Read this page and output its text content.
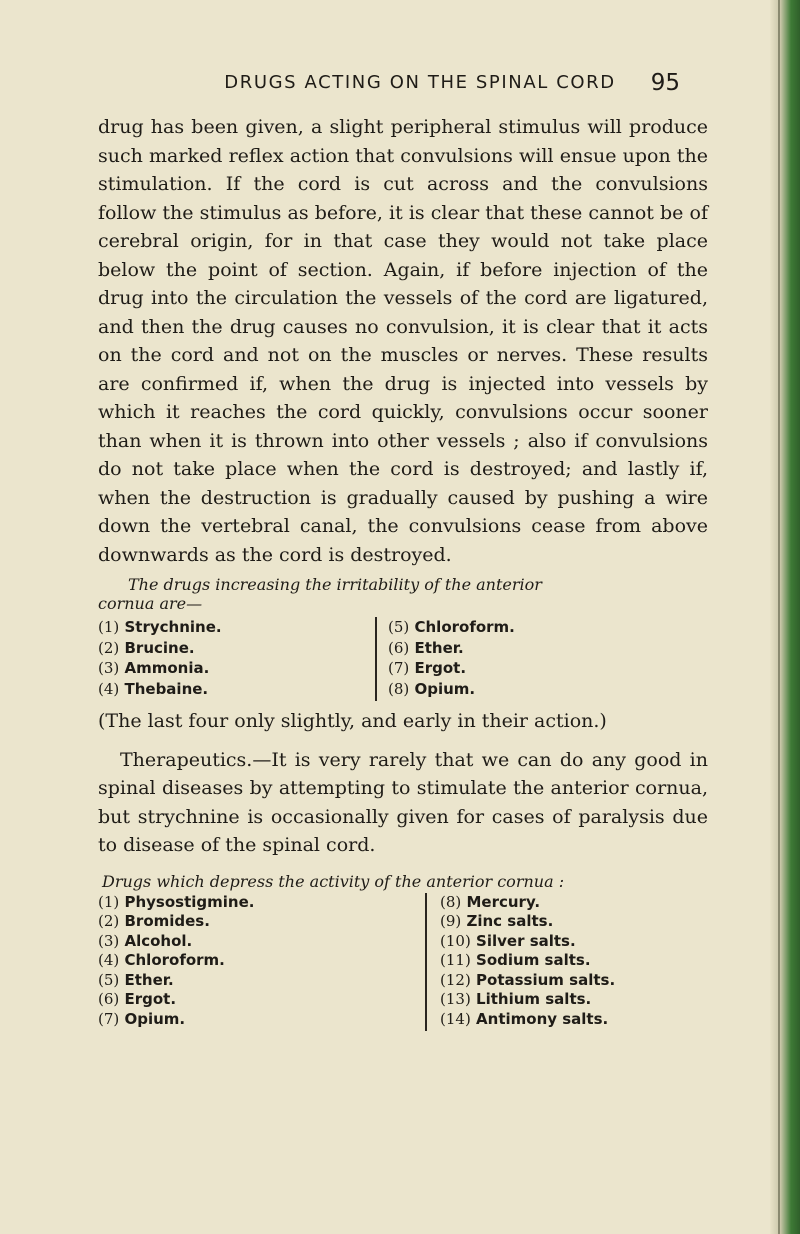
DRUGS ACTING ON THE SPINAL CORD	95

drug has been given, a slight peripheral stimulus will produce such marked reflex action that convulsions will ensue upon the stimulation. If the cord is cut across and the convulsions follow the stimulus as before, it is clear that these cannot be of cerebral origin, for in that case they would not take place below the point of section. Again, if before injection of the drug into the circulation the vessels of the cord are ligatured, and then the drug causes no convulsion, it is clear that it acts on the cord and not on the muscles or nerves. These results are confirmed if, when the drug is injected into vessels by which it reaches the cord quickly, convulsions occur sooner than when it is thrown into other vessels ; also if convulsions do not take place when the cord is destroyed; and lastly if, when the destruction is gradually caused by pushing a wire down the vertebral canal, the convulsions cease from above downwards as the cord is destroyed.

The drugs increasing the irritability of the anterior
cornua are—
(1) Strychnine.
(2) Brucine.
(3) Ammonia.
(4) Thebaine.
(5) Chloroform.
(6) Ether.
(7) Ergot.
(8) Opium.

(The last four only slightly, and early in their action.)

Therapeutics.—It is very rarely that we can do any good in spinal diseases by attempting to stimulate the anterior cornua, but strychnine is occasionally given for cases of paralysis due to disease of the spinal cord.

Drugs which depress the activity of the anterior cornua :
(1) Physostigmine.
(2) Bromides.
(3) Alcohol.
(4) Chloroform.
(5) Ether.
(6) Ergot.
(7) Opium.
(8) Mercury.
(9) Zinc salts.
(10) Silver salts.
(11) Sodium salts.
(12) Potassium salts.
(13) Lithium salts.
(14) Antimony salts.
